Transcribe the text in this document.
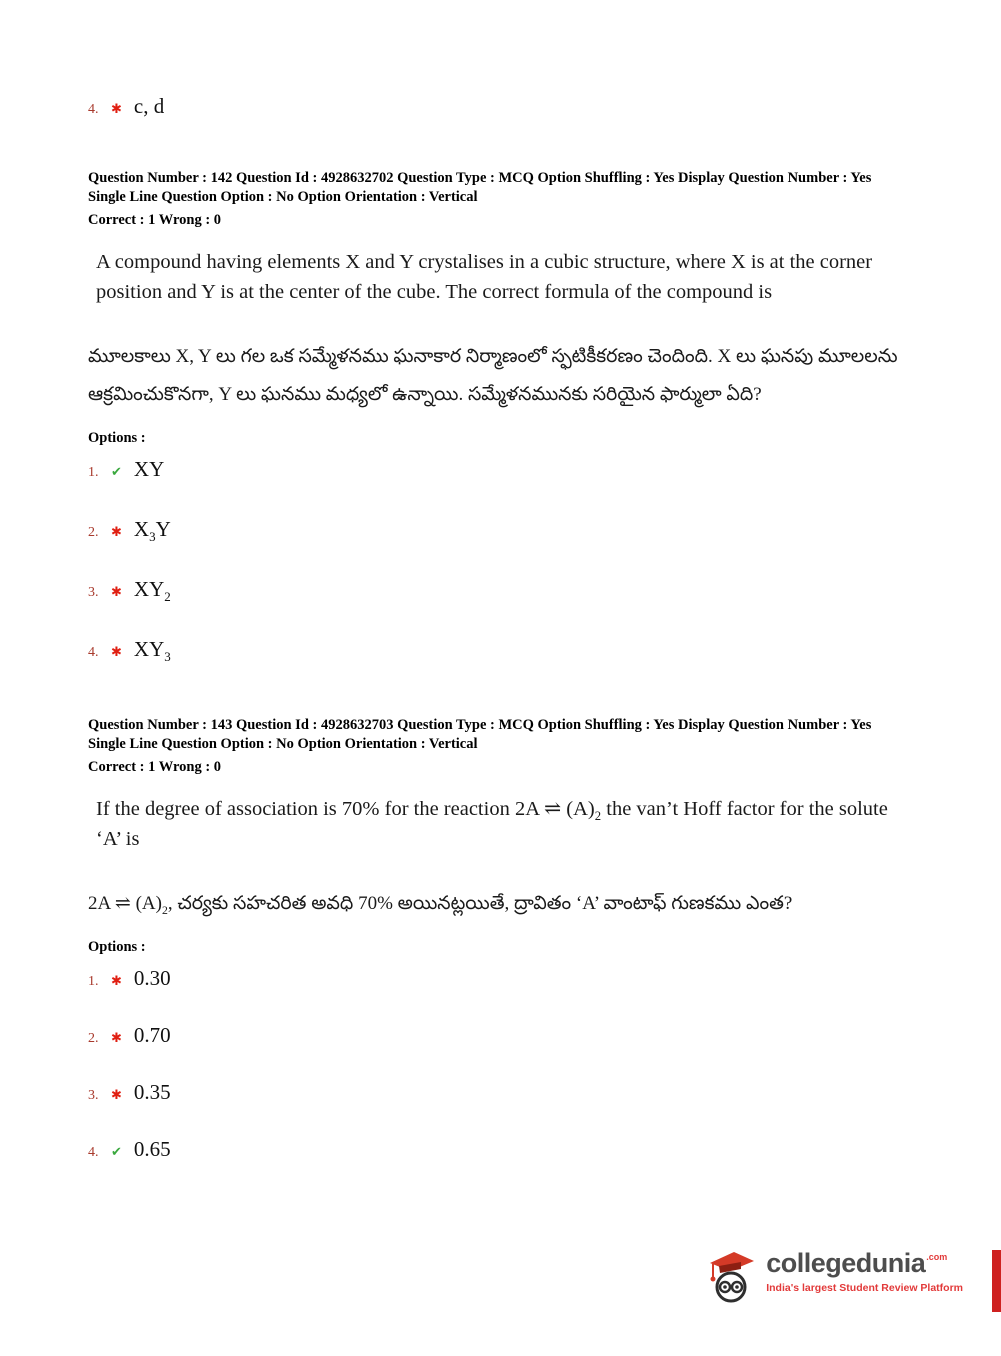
4. ✱ c, d
Question Number : 142 Question Id : 4928632702 Question Type : MCQ Option Shuffling : Yes Display Question Number : Yes
Single Line Question Option : No Option Orientation : Vertical
Correct : 1 Wrong : 0

A compound having elements X and Y crystalises in a cubic structure, where X is at the corner position and Y is at the center of the cube. The correct formula of the compound is

మూలకాలు X, Y లు గల ఒక సమ్మేళనము ఘనాకార నిర్మాణంలో స్ఫటికీకరణం చెందింది. X లు ఘనపు మూలలను ఆక్రమించుకొనగా, Y లు ఘనము మధ్యలో ఉన్నాయి. సమ్మేళనమునకు సరియైన ఫార్ములా ఏది?

Options :
1. ✔ XY
2. ✱ $X_3Y$
3. ✱ $XY_2$
4. ✱ $XY_3$
Question Number : 143 Question Id : 4928632703 Question Type : MCQ Option Shuffling : Yes Display Question Number : Yes
Single Line Question Option : No Option Orientation : Vertical
Correct : 1 Wrong : 0

If the degree of association is 70% for the reaction 2A ⇌ $(A)_2$ the van’t Hoff factor for the solute ‘A’ is

2A ⇌ $(A)_2$, చర్యకు సహచరిత అవధి 70% అయినట్లయితే, ద్రావితం ‘A’ వాంటాఫ్ గుణకము ఎంత?

Options :
1. ✱ 0.30
2. ✱ 0.70
3. ✱ 0.35
4. ✔ 0.65
collegedunia .com
India's largest Student Review Platform
